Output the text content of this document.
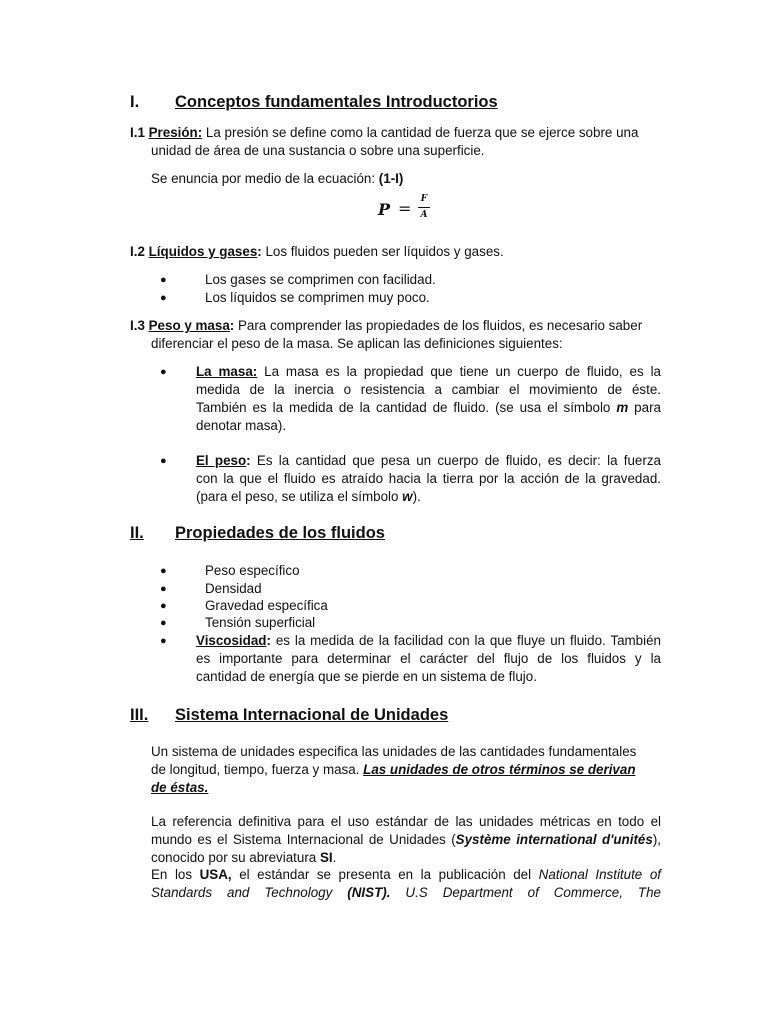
I. Conceptos fundamentales Introductorios
I.1 Presión: La presión se define como la cantidad de fuerza que se ejerce sobre una
unidad de área de una sustancia o sobre una superficie.
Se enuncia por medio de la ecuación: (1-I)
P =	F
A
I.2 Líquidos y gases: Los fluidos pueden ser líquidos y gases.
●	Los gases se comprimen con facilidad.
●	Los líquidos se comprimen muy poco.
I.3 Peso y masa: Para comprender las propiedades de los fluidos, es necesario saber
diferenciar el peso de la masa. Se aplican las definiciones siguientes:
● La masa: La masa es la propiedad que tiene un cuerpo de fluido, es la
medida de la inercia o resistencia a cambiar el movimiento de éste.
También es la medida de la cantidad de fluido. (se usa el símbolo m para
denotar masa).
● El peso: Es la cantidad que pesa un cuerpo de fluido, es decir: la fuerza
con la que el fluido es atraído hacia la tierra por la acción de la gravedad.
(para el peso, se utiliza el símbolo w).
II. Propiedades de los fluidos
●	Peso específico
●	Densidad
●	Gravedad específica
●	Tensión superficial
● Viscosidad: es la medida de la facilidad con la que fluye un fluido. También
es importante para determinar el carácter del flujo de los fluidos y la
cantidad de energía que se pierde en un sistema de flujo.
III. Sistema Internacional de Unidades
Un sistema de unidades especifica las unidades de las cantidades fundamentales
de longitud, tiempo, fuerza y masa. Las unidades de otros términos se derivan
de éstas.
La referencia definitiva para el uso estándar de las unidades métricas en todo el
mundo es el Sistema Internacional de Unidades (Système international d'unités),
conocido por su abreviatura SI.
En los USA, el estándar se presenta en la publicación del National Institute of
Standards and Technology (NIST). U.S Department of Commerce, The
